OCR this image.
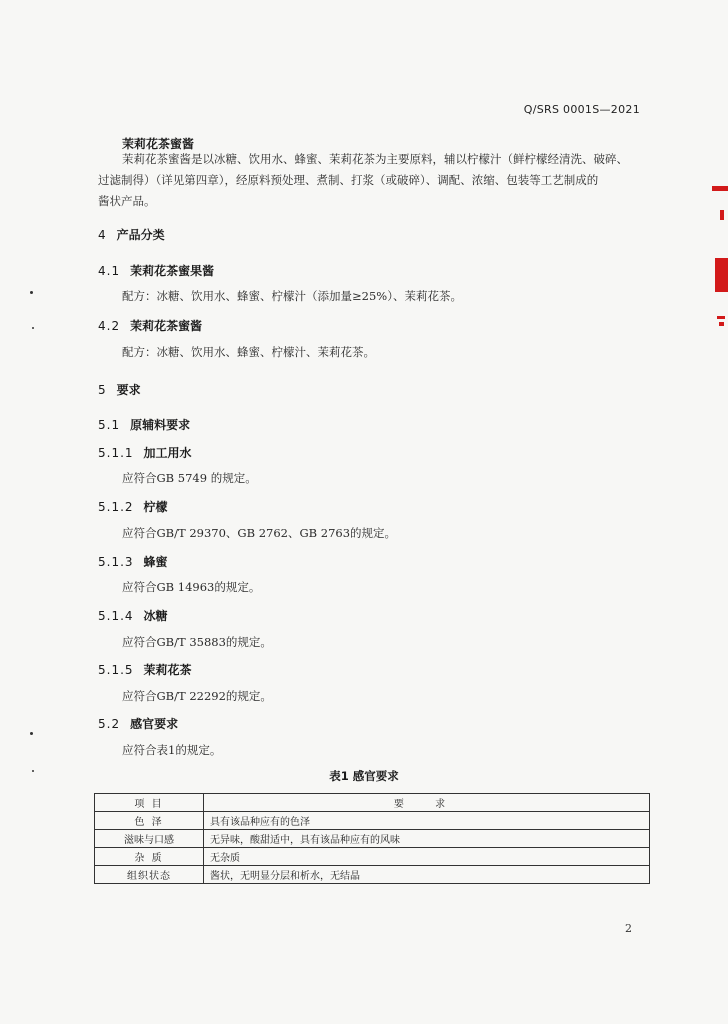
Q/SRS 0001S—2021
茉莉花茶蜜酱
茉莉花茶蜜酱是以冰糖、饮用水、蜂蜜、茉莉花茶为主要原料，辅以柠檬汁（鲜柠檬经清洗、破碎、
过滤制得）（详见第四章），经原料预处理、煮制、打浆（或破碎）、调配、浓缩、包装等工艺制成的
酱状产品。
4 产品分类
4.1 茉莉花茶蜜果酱
配方：冰糖、饮用水、蜂蜜、柠檬汁（添加量≥25%）、茉莉花茶。
4.2 茉莉花茶蜜酱
配方：冰糖、饮用水、蜂蜜、柠檬汁、茉莉花茶。
5 要求
5.1 原辅料要求
5.1.1 加工用水
应符合GB 5749 的规定。
5.1.2 柠檬
应符合GB/T 29370、GB 2762、GB 2763的规定。
5.1.3 蜂蜜
应符合GB 14963的规定。
5.1.4 冰糖
应符合GB/T 35883的规定。
5.1.5 茉莉花茶
应符合GB/T 22292的规定。
5.2 感官要求
应符合表1的规定。
表1 感官要求
项 目	要 求
色 泽	具有该品种应有的色泽
滋味与口感	无异味，酸甜适中，具有该品种应有的风味
杂 质	无杂质
组织状态	酱状，无明显分层和析水，无结晶
2
